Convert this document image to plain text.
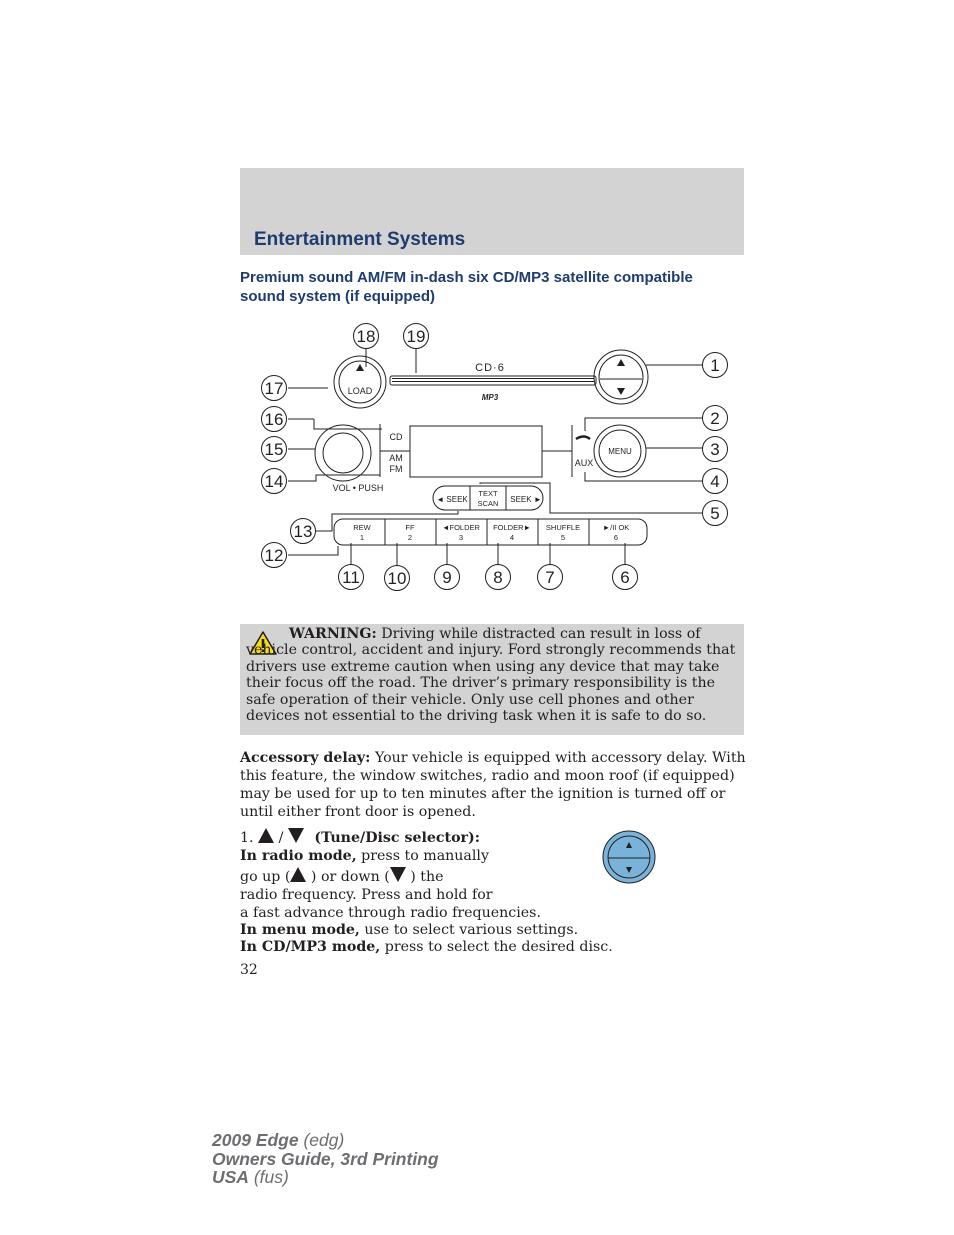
Entertainment Systems
Premium sound AM/FM in-dash six CD/MP3 satellite compatible sound system (if equipped)
LOAD
CD·6
MP3
CD
AM
FM
VOL • PUSH
MENU
AUX
◄ SEEK
TEXT
SCAN SEEK ►
REW
1
FF
2
◄FOLDER
3
FOLDER►
4
SHUFFLE
5
►/II OK
6
1
2
3
4
5
6
7
8
9
10
11
12
13
14
15
16
17
18 19
WARNING: Driving while distracted can result in loss of vehicle control, accident and injury. Ford strongly recommends that drivers use extreme caution when using any device that may take their focus off the road. The driver’s primary responsibility is the safe operation of their vehicle. Only use cell phones and other devices not essential to the driving task when it is safe to do so.
Accessory delay: Your vehicle is equipped with accessory delay. With this feature, the window switches, radio and moon roof (if equipped) may be used for up to ten minutes after the ignition is turned off or until either front door is opened.
1. / (Tune/Disc selector):
In radio mode, press to manually
go up ( ) or down ( ) the
radio frequency. Press and hold for
a fast advance through radio frequencies.
In menu mode, use to select various settings.
In CD/MP3 mode, press to select the desired disc.
32
2009 Edge (edg)
Owners Guide, 3rd Printing
USA (fus)
